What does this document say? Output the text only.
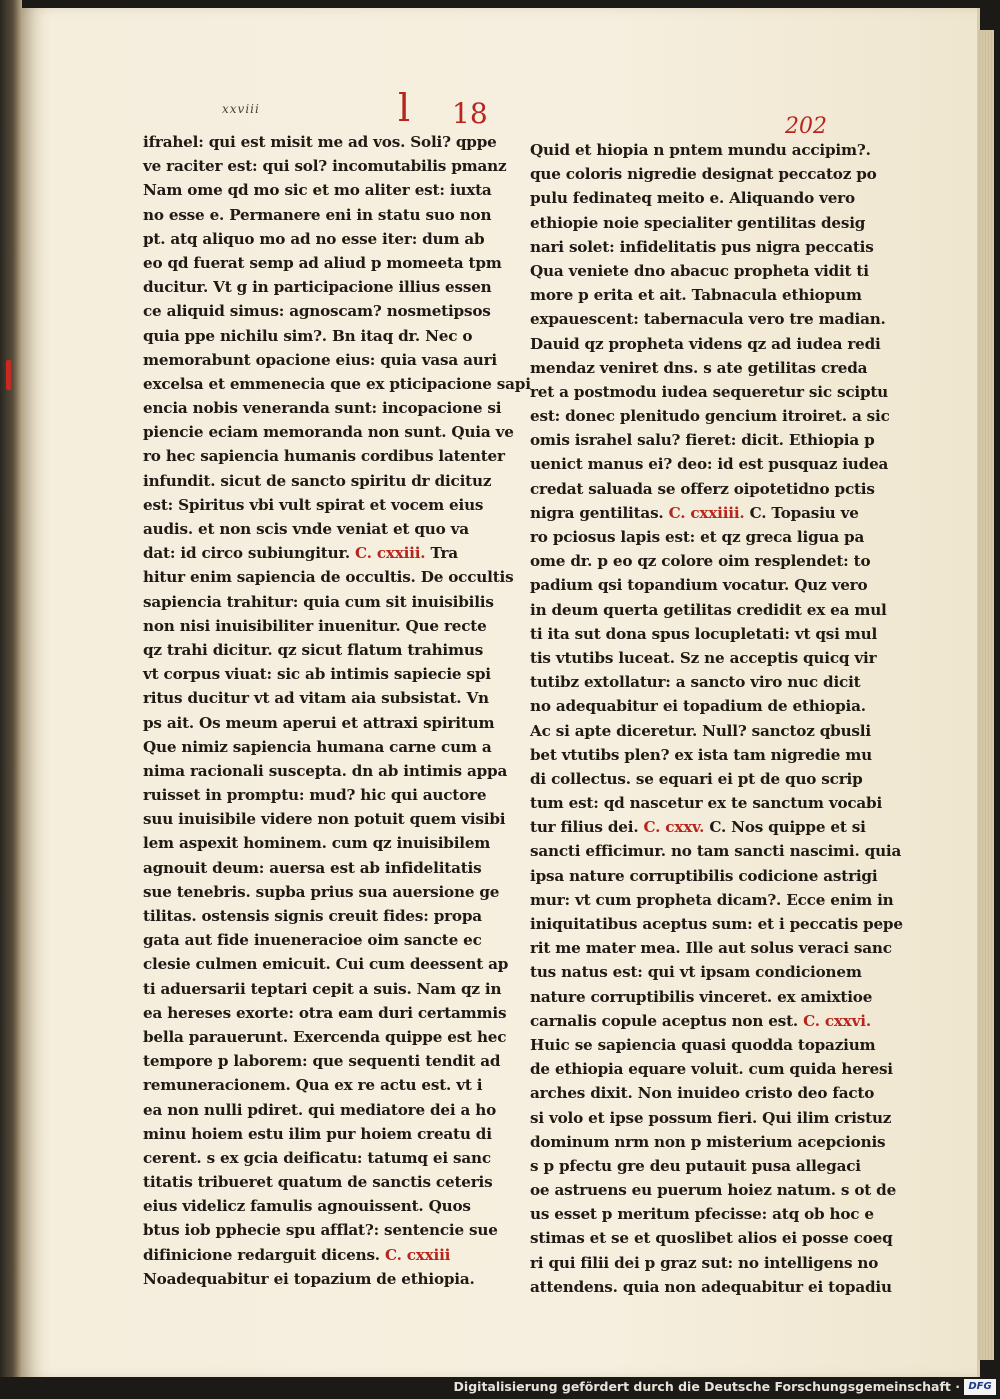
xxviii	l 18	202
ifrahel: qui est misit me ad vos. Soli? qppe
ve raciter est: qui sol? incomutabilis pmanz
Nam ome qd mo sic et mo aliter est: iuxta
no esse e. Permanere eni in statu suo non
pt. atq aliquo mo ad no esse iter: dum ab
eo qd fuerat semp ad aliud p momeeta tpm
ducitur. Vt g in participacione illius essen
ce aliquid simus: agnoscam? nosmetipsos
quia ppe nichilu sim?. Bn itaq dr. Nec o
memorabunt opacione eius: quia vasa auri
excelsa et emmenecia que ex pticipacione sapi
encia nobis veneranda sunt: incopacione si
piencie eciam memoranda non sunt. Quia ve
ro hec sapiencia humanis cordibus latenter
infundit. sicut de sancto spiritu dr dicituz
est: Spiritus vbi vult spirat et vocem eius
audis. et non scis vnde veniat et quo va
dat: id circo subiungitur. C. cxxiii. Tra
hitur enim sapiencia de occultis. De occultis
sapiencia trahitur: quia cum sit inuisibilis
non nisi inuisibiliter inuenitur. Que recte
qz trahi dicitur. qz sicut flatum trahimus
vt corpus viuat: sic ab intimis sapiecie spi
ritus ducitur vt ad vitam aia subsistat. Vn
ps ait. Os meum aperui et attraxi spiritum
Que nimiz sapiencia humana carne cum a
nima racionali suscepta. dn ab intimis appa
ruisset in promptu: mud? hic qui auctore
suu inuisibile videre non potuit quem visibi
lem aspexit hominem. cum qz inuisibilem
agnouit deum: auersa est ab infidelitatis
sue tenebris. supba prius sua auersione ge
tilitas. ostensis signis creuit fides: propa
gata aut fide inueneracioe oim sancte ec
clesie culmen emicuit. Cui cum deessent ap
ti aduersarii teptari cepit a suis. Nam qz in
ea hereses exorte: otra eam duri certammis
bella parauerunt. Exercenda quippe est hec
tempore p laborem: que sequenti tendit ad
remuneracionem. Qua ex re actu est. vt i
ea non nulli pdiret. qui mediatore dei a ho
minu hoiem estu ilim pur hoiem creatu di
cerent. s ex gcia deificatu: tatumq ei sanc
titatis tribueret quatum de sanctis ceteris
eius videlicz famulis agnouissent. Quos
btus iob pphecie spu afflat?: sentencie sue
difinicione redarguit dicens. C. cxxiii
Noadequabitur ei topazium de ethiopia.
Quid et hiopia n pntem mundu accipim?.
que coloris nigredie designat peccatoz po
pulu fedinateq meito e. Aliquando vero
ethiopie noie specialiter gentilitas desig
nari solet: infidelitatis pus nigra peccatis
Qua veniete dno abacuc propheta vidit ti
more p erita et ait. Tabnacula ethiopum
expauescent: tabernacula vero tre madian.
Dauid qz propheta videns qz ad iudea redi
mendaz veniret dns. s ate getilitas creda
ret a postmodu iudea sequeretur sic sciptu
est: donec plenitudo gencium itroiret. a sic
omis israhel salu? fieret: dicit. Ethiopia p
uenict manus ei? deo: id est pusquaz iudea
credat saluada se offerz oipotetidno pctis
nigra gentilitas. C. cxxiiii. C. Topasiu ve
ro pciosus lapis est: et qz greca ligua pa
ome dr. p eo qz colore oim resplendet: to
padium qsi topandium vocatur. Quz vero
in deum querta getilitas credidit ex ea mul
ti ita sut dona spus locupletati: vt qsi mul
tis vtutibs luceat. Sz ne acceptis quicq vir
tutibz extollatur: a sancto viro nuc dicit
no adequabitur ei topadium de ethiopia.
Ac si apte diceretur. Null? sanctoz qbusli
bet vtutibs plen? ex ista tam nigredie mu
di collectus. se equari ei pt de quo scrip
tum est: qd nascetur ex te sanctum vocabi
tur filius dei. C. cxxv. C. Nos quippe et si
sancti efficimur. no tam sancti nascimi. quia
ipsa nature corruptibilis codicione astrigi
mur: vt cum propheta dicam?. Ecce enim in
iniquitatibus aceptus sum: et i peccatis pepe
rit me mater mea. Ille aut solus veraci sanc
tus natus est: qui vt ipsam condicionem
nature corruptibilis vinceret. ex amixtioe
carnalis copule aceptus non est. C. cxxvi.
Huic se sapiencia quasi quodda topazium
de ethiopia equare voluit. cum quida heresi
arches dixit. Non inuideo cristo deo facto
si volo et ipse possum fieri. Qui ilim cristuz
dominum nrm non p misterium acepcionis
s p pfectu gre deu putauit pusa allegaci
oe astruens eu puerum hoiez natum. s ot de
us esset p meritum pfecisse: atq ob hoc e
stimas et se et quoslibet alios ei posse coeq
ri qui filii dei p graz sut: no intelligens no
attendens. quia non adequabitur ei topadiu
Digitalisierung gefördert durch die Deutsche Forschungsgemeinschaft · DFG
